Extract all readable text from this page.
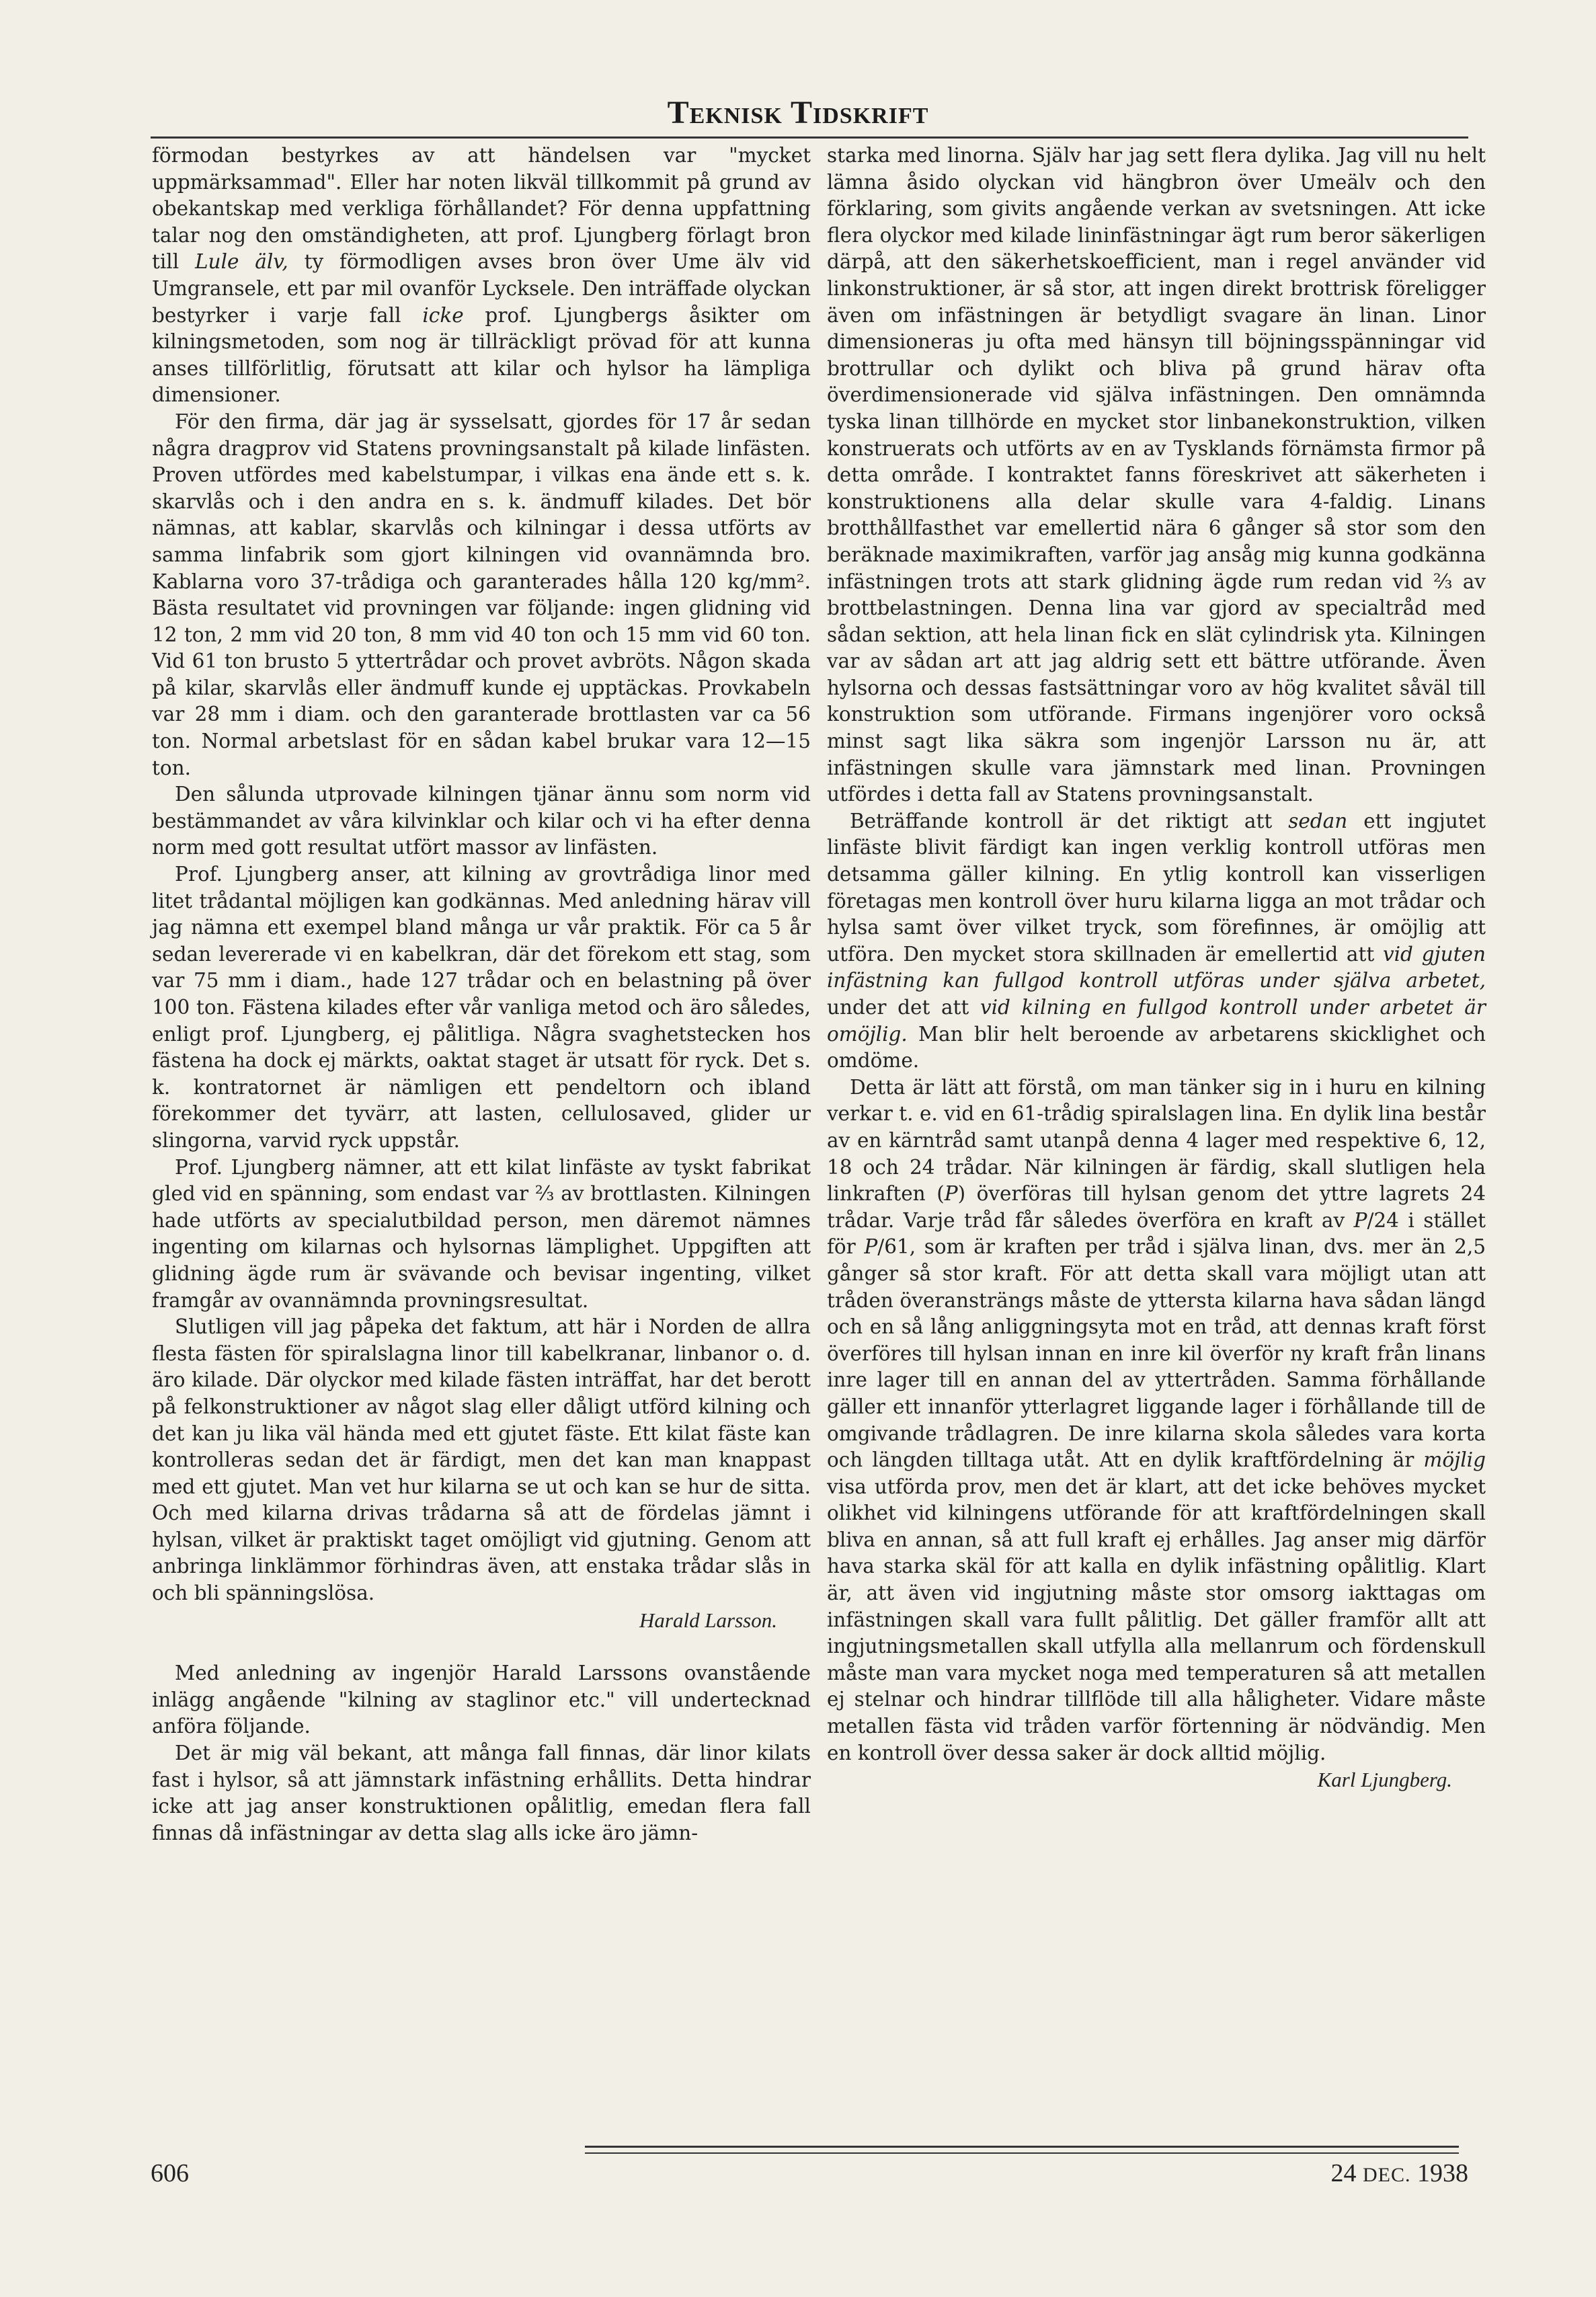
Teknisk Tidskrift

förmodan bestyrkes av att händelsen var "mycket uppmärksammad". Eller har noten likväl tillkommit på grund av obekantskap med verkliga förhållandet? För denna uppfattning talar nog den omständigheten, att prof. Ljungberg förlagt bron till Lule älv, ty förmodligen avses bron över Ume älv vid Umgransele, ett par mil ovanför Lycksele. Den inträffade olyckan bestyrker i varje fall icke prof. Ljungbergs åsikter om kilningsmetoden, som nog är tillräckligt prövad för att kunna anses tillförlitlig, förutsatt att kilar och hylsor ha lämpliga dimensioner.

För den firma, där jag är sysselsatt, gjordes för 17 år sedan några dragprov vid Statens provningsanstalt på kilade linfästen. Proven utfördes med kabelstumpar, i vilkas ena ände ett s. k. skarvlås och i den andra en s. k. ändmuff kilades. Det bör nämnas, att kablar, skarvlås och kilningar i dessa utförts av samma linfabrik som gjort kilningen vid ovannämnda bro. Kablarna voro 37-trådiga och garanterades hålla 120 kg/mm². Bästa resultatet vid provningen var följande: ingen glidning vid 12 ton, 2 mm vid 20 ton, 8 mm vid 40 ton och 15 mm vid 60 ton. Vid 61 ton brusto 5 yttertrådar och provet avbröts. Någon skada på kilar, skarvlås eller ändmuff kunde ej upptäckas. Provkabeln var 28 mm i diam. och den garanterade brottlasten var ca 56 ton. Normal arbetslast för en sådan kabel brukar vara 12—15 ton.

Den sålunda utprovade kilningen tjänar ännu som norm vid bestämmandet av våra kilvinklar och kilar och vi ha efter denna norm med gott resultat utfört massor av linfästen.

Prof. Ljungberg anser, att kilning av grovtrådiga linor med litet trådantal möjligen kan godkännas. Med anledning härav vill jag nämna ett exempel bland många ur vår praktik. För ca 5 år sedan levererade vi en kabelkran, där det förekom ett stag, som var 75 mm i diam., hade 127 trådar och en belastning på över 100 ton. Fästena kilades efter vår vanliga metod och äro således, enligt prof. Ljungberg, ej pålitliga. Några svaghetstecken hos fästena ha dock ej märkts, oaktat staget är utsatt för ryck. Det s. k. kontratornet är nämligen ett pendeltorn och ibland förekommer det tyvärr, att lasten, cellulosaved, glider ur slingorna, varvid ryck uppstår.

Prof. Ljungberg nämner, att ett kilat linfäste av tyskt fabrikat gled vid en spänning, som endast var ⅔ av brottlasten. Kilningen hade utförts av specialutbildad person, men däremot nämnes ingenting om kilarnas och hylsornas lämplighet. Uppgiften att glidning ägde rum är svävande och bevisar ingenting, vilket framgår av ovannämnda provningsresultat.

Slutligen vill jag påpeka det faktum, att här i Norden de allra flesta fästen för spiralslagna linor till kabelkranar, linbanor o. d. äro kilade. Där olyckor med kilade fästen inträffat, har det berott på felkonstruktioner av något slag eller dåligt utförd kilning och det kan ju lika väl hända med ett gjutet fäste. Ett kilat fäste kan kontrolleras sedan det är färdigt, men det kan man knappast med ett gjutet. Man vet hur kilarna se ut och kan se hur de sitta. Och med kilarna drivas trådarna så att de fördelas jämnt i hylsan, vilket är praktiskt taget omöjligt vid gjutning. Genom att anbringa linklämmor förhindras även, att enstaka trådar slås in och bli spänningslösa.

Harald Larsson.

Med anledning av ingenjör Harald Larssons ovanstående inlägg angående "kilning av staglinor etc." vill undertecknad anföra följande.

Det är mig väl bekant, att många fall finnas, där linor kilats fast i hylsor, så att jämnstark infästning erhållits. Detta hindrar icke att jag anser konstruktionen opålitlig, emedan flera fall finnas då infästningar av detta slag alls icke äro jämn-

starka med linorna. Själv har jag sett flera dylika. Jag vill nu helt lämna åsido olyckan vid hängbron över Umeälv och den förklaring, som givits angående verkan av svetsningen. Att icke flera olyckor med kilade lininfästningar ägt rum beror säkerligen därpå, att den säkerhetskoefficient, man i regel använder vid linkonstruktioner, är så stor, att ingen direkt brottrisk föreligger även om infästningen är betydligt svagare än linan. Linor dimensioneras ju ofta med hänsyn till böjningsspänningar vid brottrullar och dylikt och bliva på grund härav ofta överdimensionerade vid själva infästningen. Den omnämnda tyska linan tillhörde en mycket stor linbanekonstruktion, vilken konstruerats och utförts av en av Tysklands förnämsta firmor på detta område. I kontraktet fanns föreskrivet att säkerheten i konstruktionens alla delar skulle vara 4-faldig. Linans brotthållfasthet var emellertid nära 6 gånger så stor som den beräknade maximikraften, varför jag ansåg mig kunna godkänna infästningen trots att stark glidning ägde rum redan vid ⅔ av brottbelastningen. Denna lina var gjord av specialtråd med sådan sektion, att hela linan fick en slät cylindrisk yta. Kilningen var av sådan art att jag aldrig sett ett bättre utförande. Även hylsorna och dessas fastsättningar voro av hög kvalitet såväl till konstruktion som utförande. Firmans ingenjörer voro också minst sagt lika säkra som ingenjör Larsson nu är, att infästningen skulle vara jämnstark med linan. Provningen utfördes i detta fall av Statens provningsanstalt.

Beträffande kontroll är det riktigt att sedan ett ingjutet linfäste blivit färdigt kan ingen verklig kontroll utföras men detsamma gäller kilning. En ytlig kontroll kan visserligen företagas men kontroll över huru kilarna ligga an mot trådar och hylsa samt över vilket tryck, som förefinnes, är omöjlig att utföra. Den mycket stora skillnaden är emellertid att vid gjuten infästning kan fullgod kontroll utföras under själva arbetet, under det att vid kilning en fullgod kontroll under arbetet är omöjlig. Man blir helt beroende av arbetarens skicklighet och omdöme.

Detta är lätt att förstå, om man tänker sig in i huru en kilning verkar t. e. vid en 61-trådig spiralslagen lina. En dylik lina består av en kärntråd samt utanpå denna 4 lager med respektive 6, 12, 18 och 24 trådar. När kilningen är färdig, skall slutligen hela linkraften (P) överföras till hylsan genom det yttre lagrets 24 trådar. Varje tråd får således överföra en kraft av P/24 i stället för P/61, som är kraften per tråd i själva linan, dvs. mer än 2,5 gånger så stor kraft. För att detta skall vara möjligt utan att tråden överansträngs måste de yttersta kilarna hava sådan längd och en så lång anliggningsyta mot en tråd, att dennas kraft först överföres till hylsan innan en inre kil överför ny kraft från linans inre lager till en annan del av yttertråden. Samma förhållande gäller ett innanför ytterlagret liggande lager i förhållande till de omgivande trådlagren. De inre kilarna skola således vara korta och längden tilltaga utåt. Att en dylik kraftfördelning är möjlig visa utförda prov, men det är klart, att det icke behöves mycket olikhet vid kilningens utförande för att kraftfördelningen skall bliva en annan, så att full kraft ej erhålles. Jag anser mig därför hava starka skäl för att kalla en dylik infästning opålitlig. Klart är, att även vid ingjutning måste stor omsorg iakttagas om infästningen skall vara fullt pålitlig. Det gäller framför allt att ingjutningsmetallen skall utfylla alla mellanrum och fördenskull måste man vara mycket noga med temperaturen så att metallen ej stelnar och hindrar tillflöde till alla håligheter. Vidare måste metallen fästa vid tråden varför förtenning är nödvändig. Men en kontroll över dessa saker är dock alltid möjlig.

Karl Ljungberg.

606	24 DEC. 1938
